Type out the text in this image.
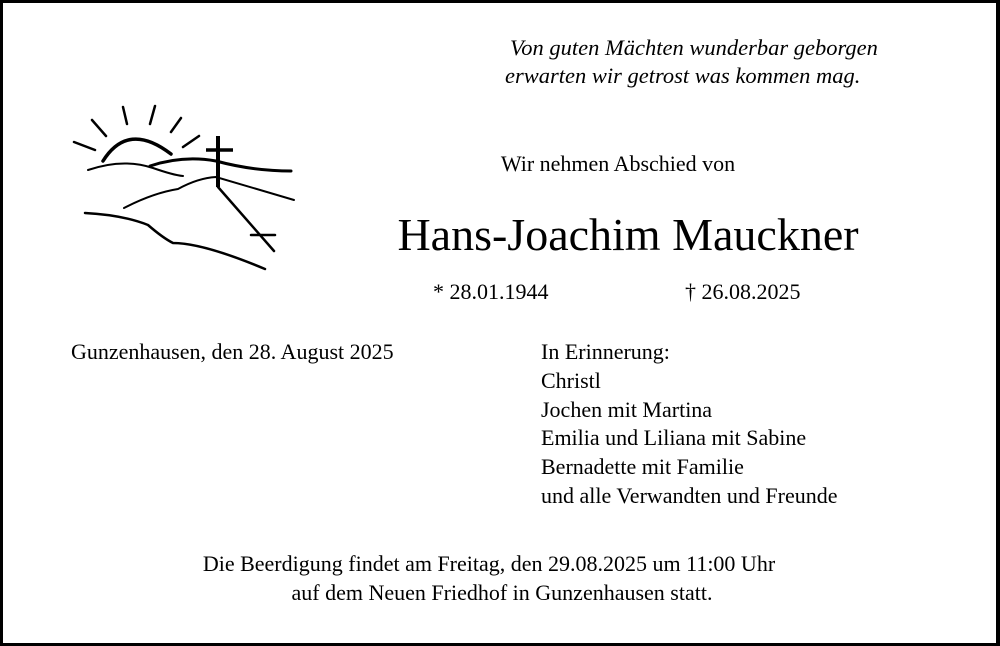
Von guten Mächten wunderbar geborgen
erwarten wir getrost was kommen mag.
Wir nehmen Abschied von
Hans-Joachim Mauckner
* 28.01.1944	† 26.08.2025
Gunzenhausen, den 28. August 2025	In Erinnerung:
Christl
Jochen mit Martina
Emilia und Liliana mit Sabine
Bernadette mit Familie
und alle Verwandten und Freunde
Die Beerdigung findet am Freitag, den 29.08.2025 um 11:00 Uhr
auf dem Neuen Friedhof in Gunzenhausen statt.
